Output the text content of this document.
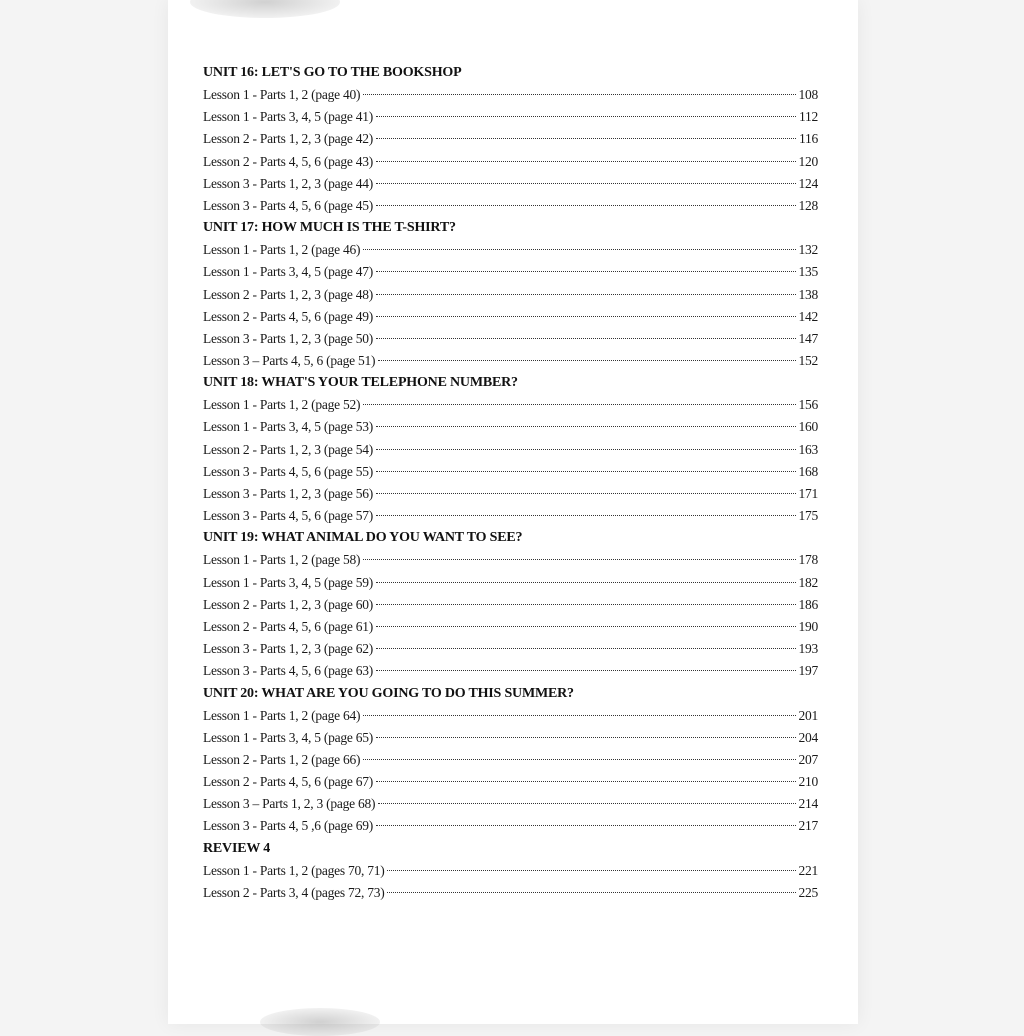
UNIT 16: LET'S GO TO THE BOOKSHOP
Lesson 1 - Parts 1, 2 (page 40)	108
Lesson 1 - Parts 3, 4, 5 (page 41)	112
Lesson 2 - Parts 1, 2, 3 (page 42)	116
Lesson 2 - Parts 4, 5, 6 (page 43)	120
Lesson 3 - Parts 1, 2, 3 (page 44)	124
Lesson 3 - Parts 4, 5, 6 (page 45)	128
UNIT 17: HOW MUCH IS THE T-SHIRT?
Lesson 1 - Parts 1, 2 (page 46)	132
Lesson 1 - Parts 3, 4, 5 (page 47)	135
Lesson 2 - Parts 1, 2, 3 (page 48)	138
Lesson 2 - Parts 4, 5, 6 (page 49)	142
Lesson 3 - Parts 1, 2, 3 (page 50)	147
Lesson 3 – Parts 4, 5, 6 (page 51)	152
UNIT 18: WHAT'S YOUR TELEPHONE NUMBER?
Lesson 1 - Parts 1, 2 (page 52)	156
Lesson 1 - Parts 3, 4, 5 (page 53)	160
Lesson 2 - Parts 1, 2, 3 (page 54)	163
Lesson 3 - Parts 4, 5, 6 (page 55)	168
Lesson 3 - Parts 1, 2, 3 (page 56)	171
Lesson 3 - Parts 4, 5, 6 (page 57)	175
UNIT 19: WHAT ANIMAL DO YOU WANT TO SEE?
Lesson 1 - Parts 1, 2 (page 58)	178
Lesson 1 - Parts 3, 4, 5 (page 59)	182
Lesson 2 - Parts 1, 2, 3 (page 60)	186
Lesson 2 - Parts 4, 5, 6 (page 61)	190
Lesson 3 - Parts 1, 2, 3 (page 62)	193
Lesson 3 - Parts 4, 5, 6 (page 63)	197
UNIT 20: WHAT ARE YOU GOING TO DO THIS SUMMER?
Lesson 1 - Parts 1, 2 (page 64)	201
Lesson 1 - Parts 3, 4, 5 (page 65)	204
Lesson 2 - Parts 1, 2 (page 66)	207
Lesson 2 - Parts 4, 5, 6 (page 67)	210
Lesson 3 – Parts 1, 2, 3 (page 68)	214
Lesson 3 - Parts 4, 5 ,6 (page 69)	217
REVIEW 4
Lesson 1 - Parts 1, 2 (pages 70, 71)	221
Lesson 2 - Parts 3, 4 (pages 72, 73)	225
